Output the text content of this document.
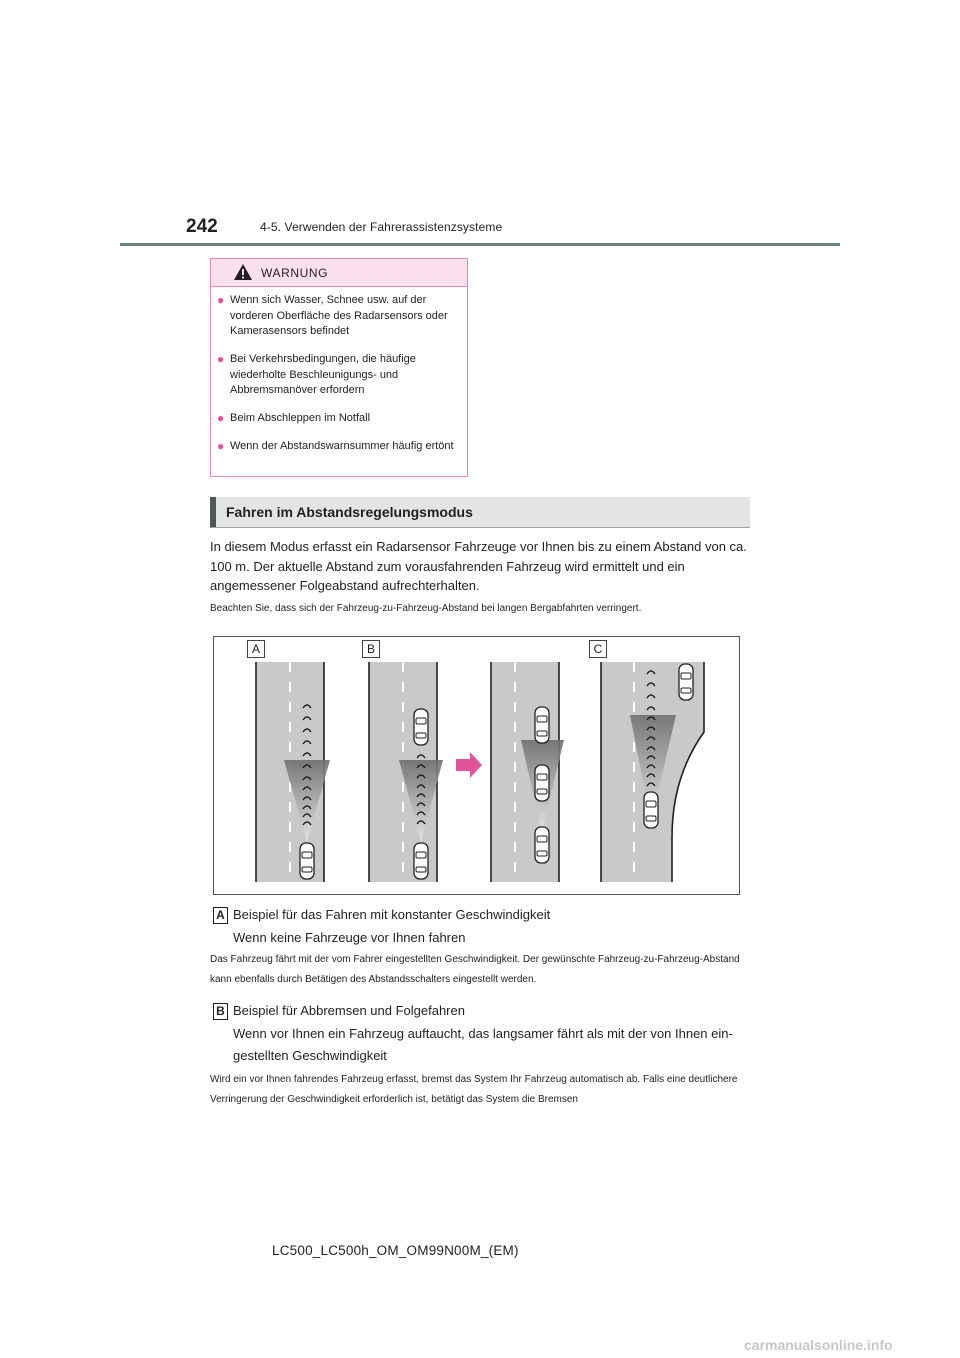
242	4-5. Verwenden der Fahrerassistenzsysteme
WARNUNG
● Wenn sich Wasser, Schnee usw. auf der vorderen Oberfläche des Radarsensors oder Kamerasensors befindet
● Bei Verkehrsbedingungen, die häufige wiederholte Beschleunigungs- und Abbremsmanöver erfordern
● Beim Abschleppen im Notfall
● Wenn der Abstandswarnsummer häufig ertönt
Fahren im Abstandsregelungsmodus
In diesem Modus erfasst ein Radarsensor Fahrzeuge vor Ihnen bis zu einem Abstand von ca. 100 m. Der aktuelle Abstand zum vorausfahrenden Fahrzeug wird ermittelt und ein angemessener Folgeabstand aufrechterhalten.
Beachten Sie, dass sich der Fahrzeug-zu-Fahrzeug-Abstand bei langen Bergabfahrten verringert.
A	B	C
A Beispiel für das Fahren mit konstanter Geschwindigkeit
Wenn keine Fahrzeuge vor Ihnen fahren
Das Fahrzeug fährt mit der vom Fahrer eingestellten Geschwindigkeit. Der gewünschte Fahrzeug-zu-Fahrzeug-Abstand kann ebenfalls durch Betätigen des Abstandsschalters eingestellt werden.
B Beispiel für Abbremsen und Folgefahren
Wenn vor Ihnen ein Fahrzeug auftaucht, das langsamer fährt als mit der von Ihnen ein-gestellten Geschwindigkeit
Wird ein vor Ihnen fahrendes Fahrzeug erfasst, bremst das System Ihr Fahrzeug automatisch ab. Falls eine deutlichere Verringerung der Geschwindigkeit erforderlich ist, betätigt das System die Bremsen
LC500_LC500h_OM_OM99N00M_(EM)
carmanualsonline.info
